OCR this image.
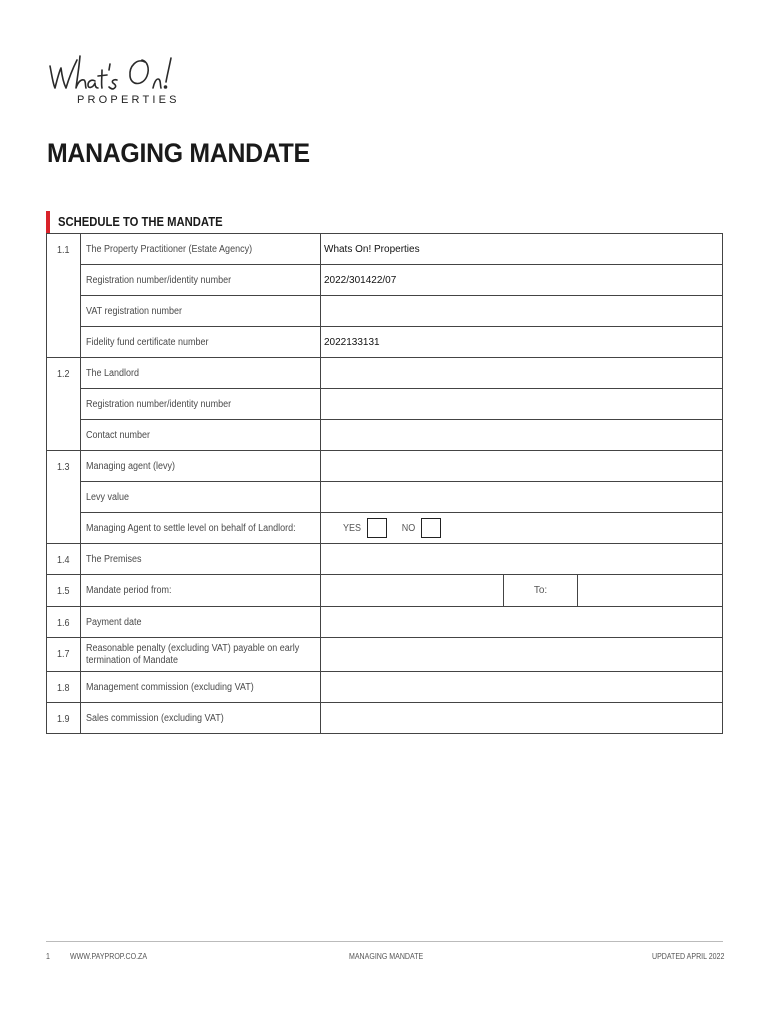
Whats On!
PROPERTIES
MANAGING MANDATE
SCHEDULE TO THE MANDATE
1.1	The Property Practitioner (Estate Agency)	Whats On! Properties
	Registration number/identity number	2022/301422/07
	VAT registration number	
	Fidelity fund certificate number	2022133131
1.2	The Landlord	
	Registration number/identity number	
	Contact number	
1.3	Managing agent (levy)	
	Levy value	
	Managing Agent to settle level on behalf of Landlord:	YES NO

1.4	The Premises	
1.5	Mandate period from:	To:

1.6	Payment date	
1.7	Reasonable penalty (excluding VAT) payable on early termination of Mandate	
1.8	Management commission (excluding VAT)	
1.9	Sales commission (excluding VAT)	
1	WWW.PAYPROP.CO.ZA	MANAGING MANDATE	UPDATED APRIL 2022
